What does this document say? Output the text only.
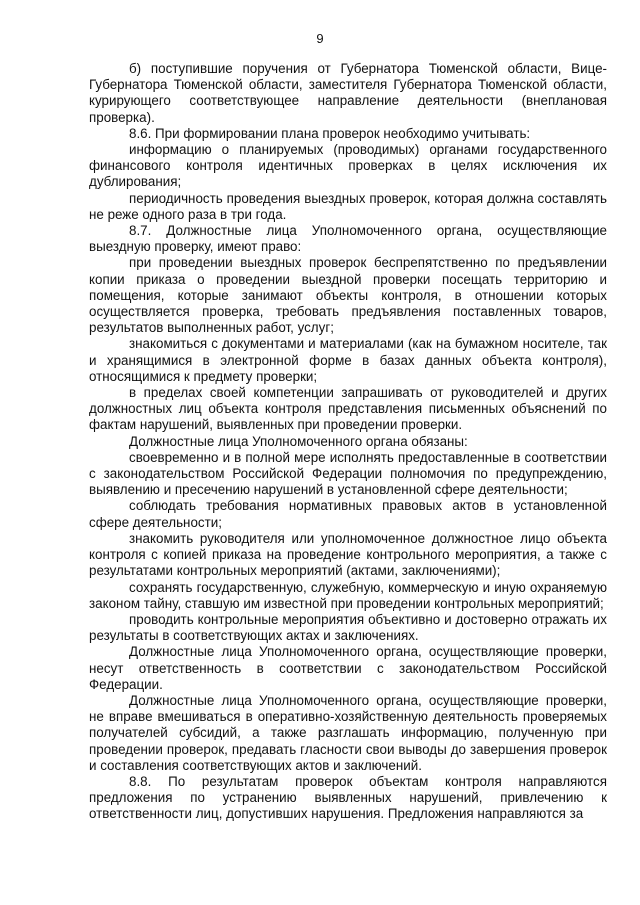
9

б) поступившие поручения от Губернатора Тюменской области, Вице-Губернатора Тюменской области, заместителя Губернатора Тюменской области, курирующего соответствующее направление деятельности (внеплановая проверка).

8.6. При формировании плана проверок необходимо учитывать:

информацию о планируемых (проводимых) органами государственного финансового контроля идентичных проверках в целях исключения их дублирования;

периодичность проведения выездных проверок, которая должна составлять не реже одного раза в три года.

8.7. Должностные лица Уполномоченного органа, осуществляющие выездную проверку, имеют право:

при проведении выездных проверок беспрепятственно по предъявлении копии приказа о проведении выездной проверки посещать территорию и помещения, которые занимают объекты контроля, в отношении которых осуществляется проверка, требовать предъявления поставленных товаров, результатов выполненных работ, услуг;

знакомиться с документами и материалами (как на бумажном носителе, так и хранящимися в электронной форме в базах данных объекта контроля), относящимися к предмету проверки;

в пределах своей компетенции запрашивать от руководителей и других должностных лиц объекта контроля представления письменных объяснений по фактам нарушений, выявленных при проведении проверки.

Должностные лица Уполномоченного органа обязаны:

своевременно и в полной мере исполнять предоставленные в соответствии с законодательством Российской Федерации полномочия по предупреждению, выявлению и пресечению нарушений в установленной сфере деятельности;

соблюдать требования нормативных правовых актов в установленной сфере деятельности;

знакомить руководителя или уполномоченное должностное лицо объекта контроля с копией приказа на проведение контрольного мероприятия, а также с результатами контрольных мероприятий (актами, заключениями);

сохранять государственную, служебную, коммерческую и иную охраняемую законом тайну, ставшую им известной при проведении контрольных мероприятий;

проводить контрольные мероприятия объективно и достоверно отражать их результаты в соответствующих актах и заключениях.

Должностные лица Уполномоченного органа, осуществляющие проверки, несут ответственность в соответствии с законодательством Российской Федерации.

Должностные лица Уполномоченного органа, осуществляющие проверки, не вправе вмешиваться в оперативно-хозяйственную деятельность проверяемых получателей субсидий, а также разглашать информацию, полученную при проведении проверок, предавать гласности свои выводы до завершения проверок и составления соответствующих актов и заключений.

8.8. По результатам проверок объектам контроля направляются предложения по устранению выявленных нарушений, привлечению к ответственности лиц, допустивших нарушения. Предложения направляются за
